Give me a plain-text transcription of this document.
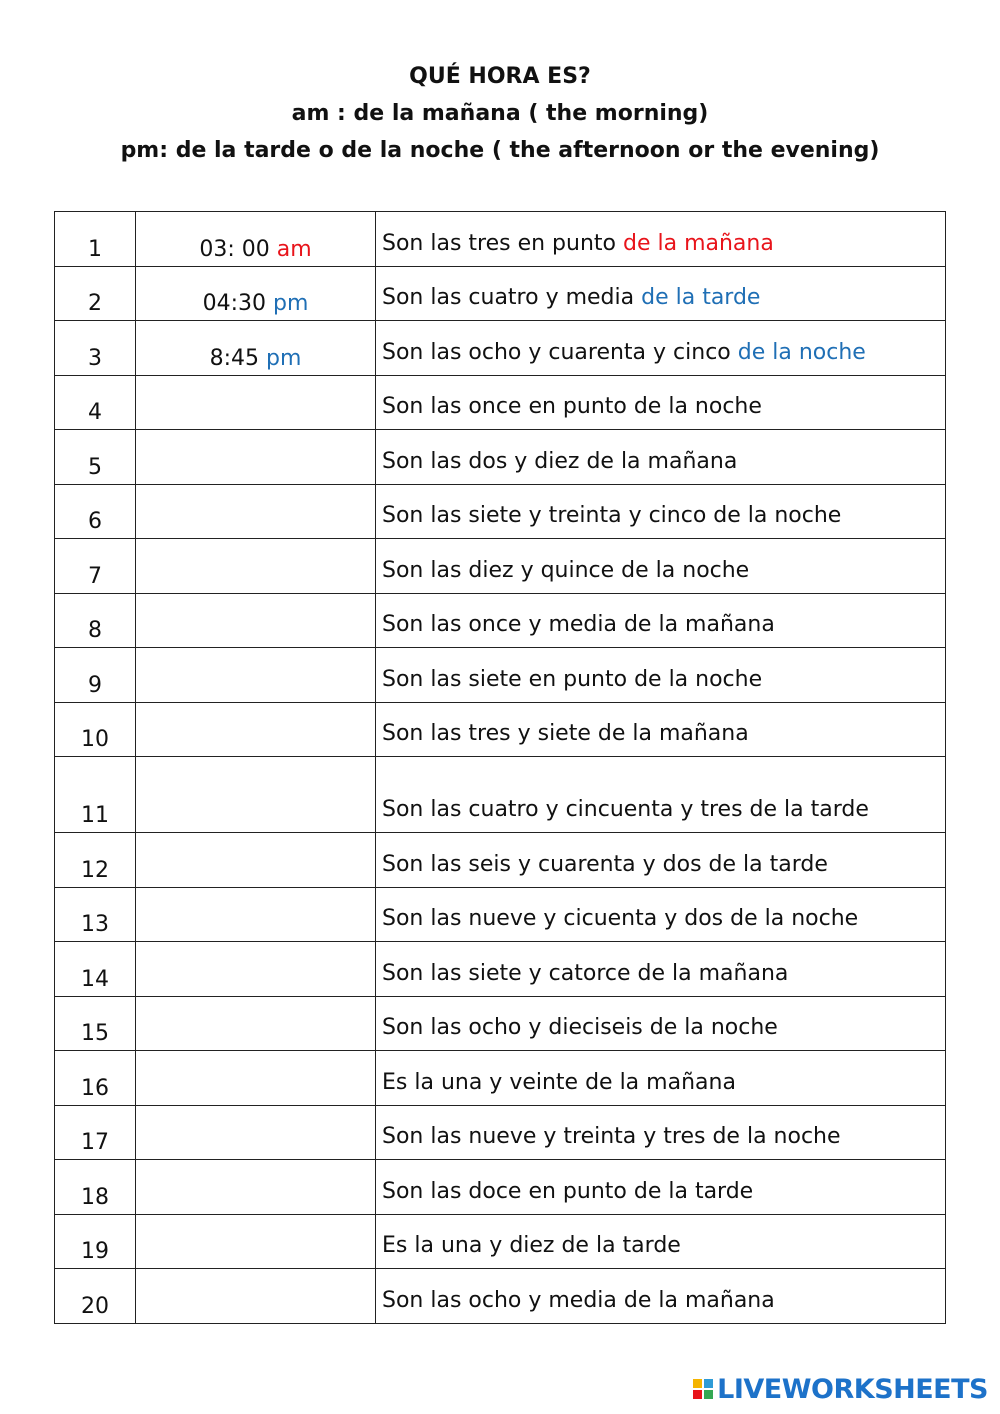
QUÉ HORA ES?
am : de la mañana ( the morning)
pm: de la tarde o de la noche ( the afternoon or the evening)
1	03: 00 am	Son las tres en punto de la mañana
2	04:30 pm	Son las cuatro y media de la tarde
3	8:45 pm	Son las ocho y cuarenta y cinco de la noche
4		Son las once en punto de la noche
5		Son las dos y diez de la mañana
6		Son las siete y treinta y cinco de la noche
7		Son las diez y quince de la noche
8		Son las once y media de la mañana
9		Son las siete en punto de la noche
10		Son las tres y siete de la mañana
11		Son las cuatro y cincuenta y tres de la tarde
12		Son las seis y cuarenta y dos de la tarde
13		Son las nueve y cicuenta y dos de la noche
14		Son las siete y catorce de la mañana
15		Son las ocho y dieciseis de la noche
16		Es la una y veinte de la mañana
17		Son las nueve y treinta y tres de la noche
18		Son las doce en punto de la tarde
19		Es la una y diez de la tarde
20		Son las ocho y media de la mañana
LIVEWORKSHEETS
